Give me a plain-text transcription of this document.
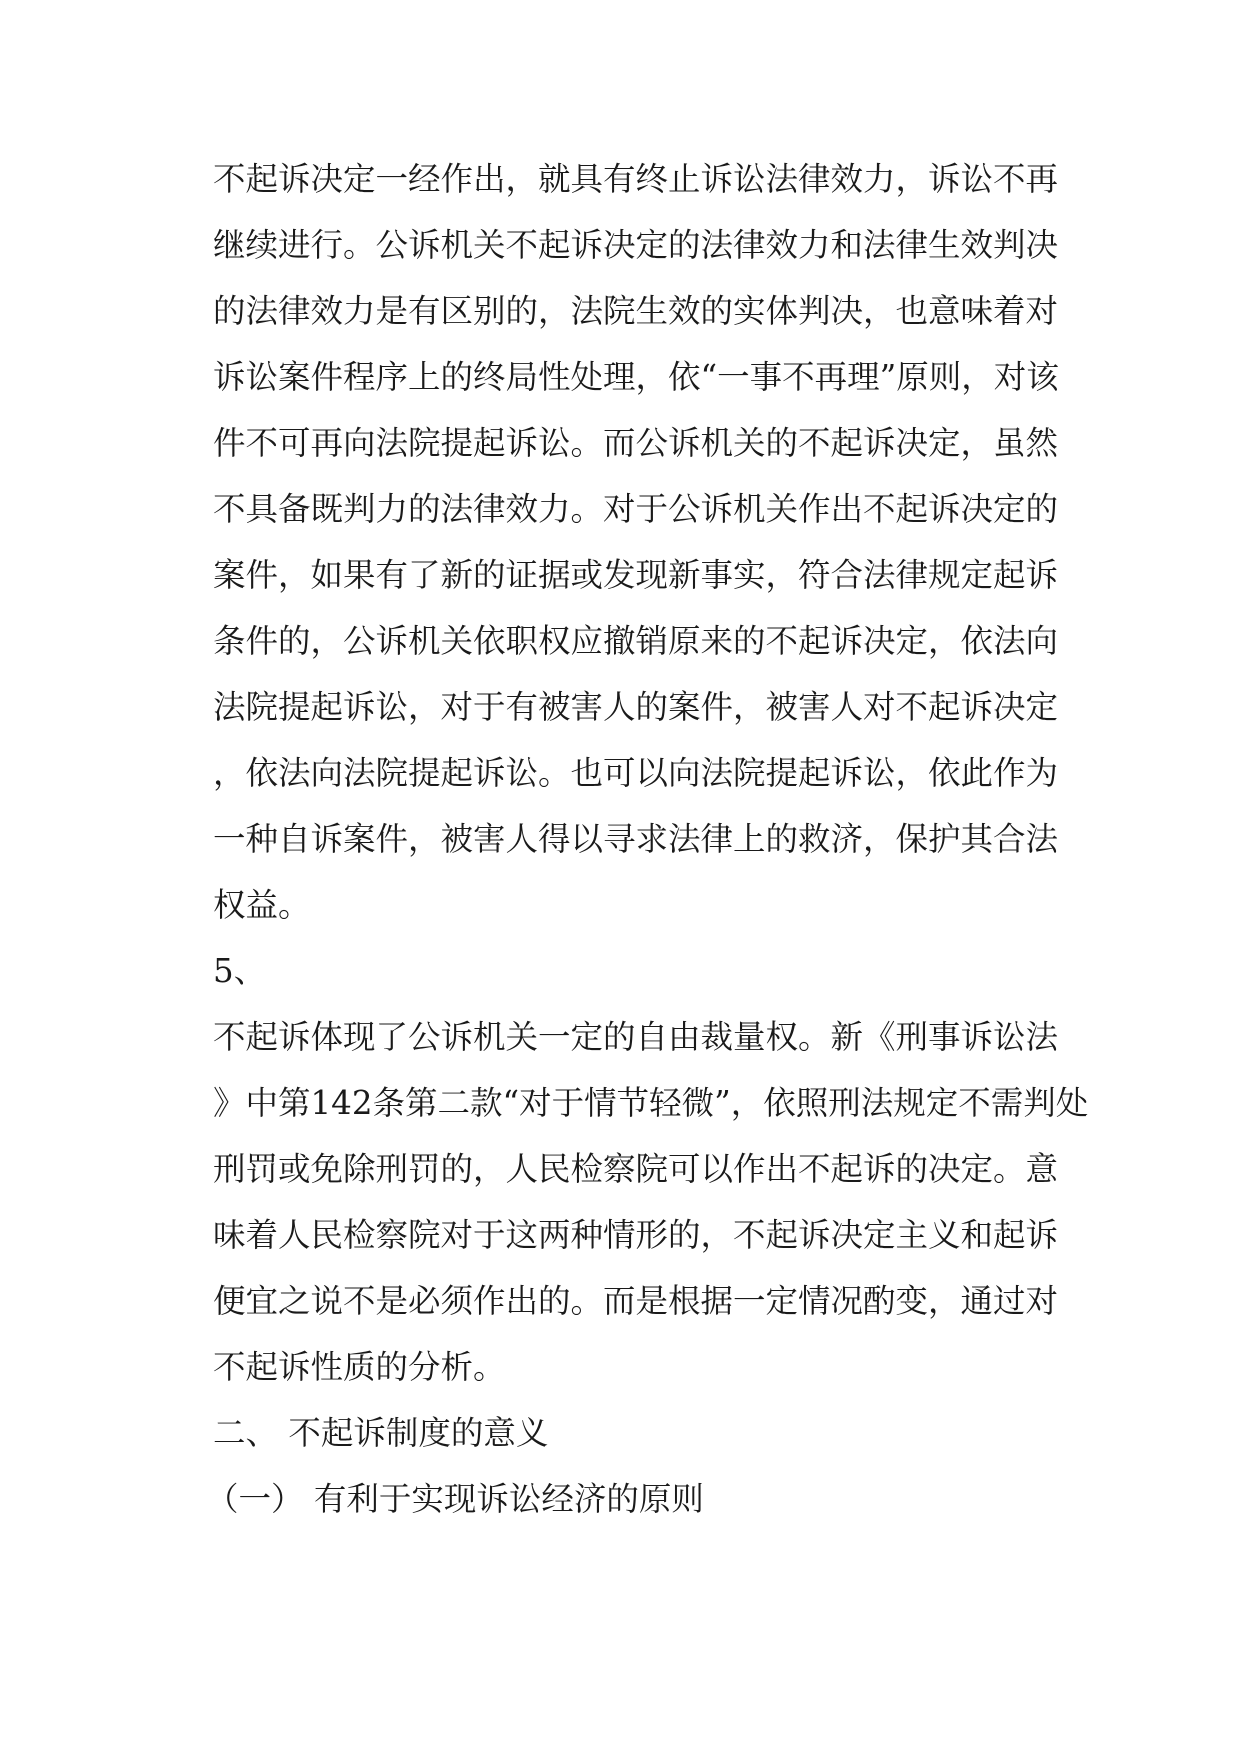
不起诉决定一经作出，就具有终止诉讼法律效力，诉讼不再
继续进行。公诉机关不起诉决定的法律效力和法律生效判决
的法律效力是有区别的，法院生效的实体判决，也意味着对
诉讼案件程序上的终局性处理，依“一事不再理”原则，对该
件不可再向法院提起诉讼。而公诉机关的不起诉决定，虽然
不具备既判力的法律效力。对于公诉机关作出不起诉决定的
案件，如果有了新的证据或发现新事实，符合法律规定起诉
条件的，公诉机关依职权应撤销原来的不起诉决定，依法向
法院提起诉讼，对于有被害人的案件，被害人对不起诉决定
，依法向法院提起诉讼。也可以向法院提起诉讼，依此作为
一种自诉案件，被害人得以寻求法律上的救济，保护其合法
权益。
5、
不起诉体现了公诉机关一定的自由裁量权。新《刑事诉讼法
》中第142条第二款“对于情节轻微”，依照刑法规定不需判处
刑罚或免除刑罚的，人民检察院可以作出不起诉的决定。意
味着人民检察院对于这两种情形的，不起诉决定主义和起诉
便宜之说不是必须作出的。而是根据一定情况酌变，通过对
不起诉性质的分析。
二、 不起诉制度的意义
（一） 有利于实现诉讼经济的原则
